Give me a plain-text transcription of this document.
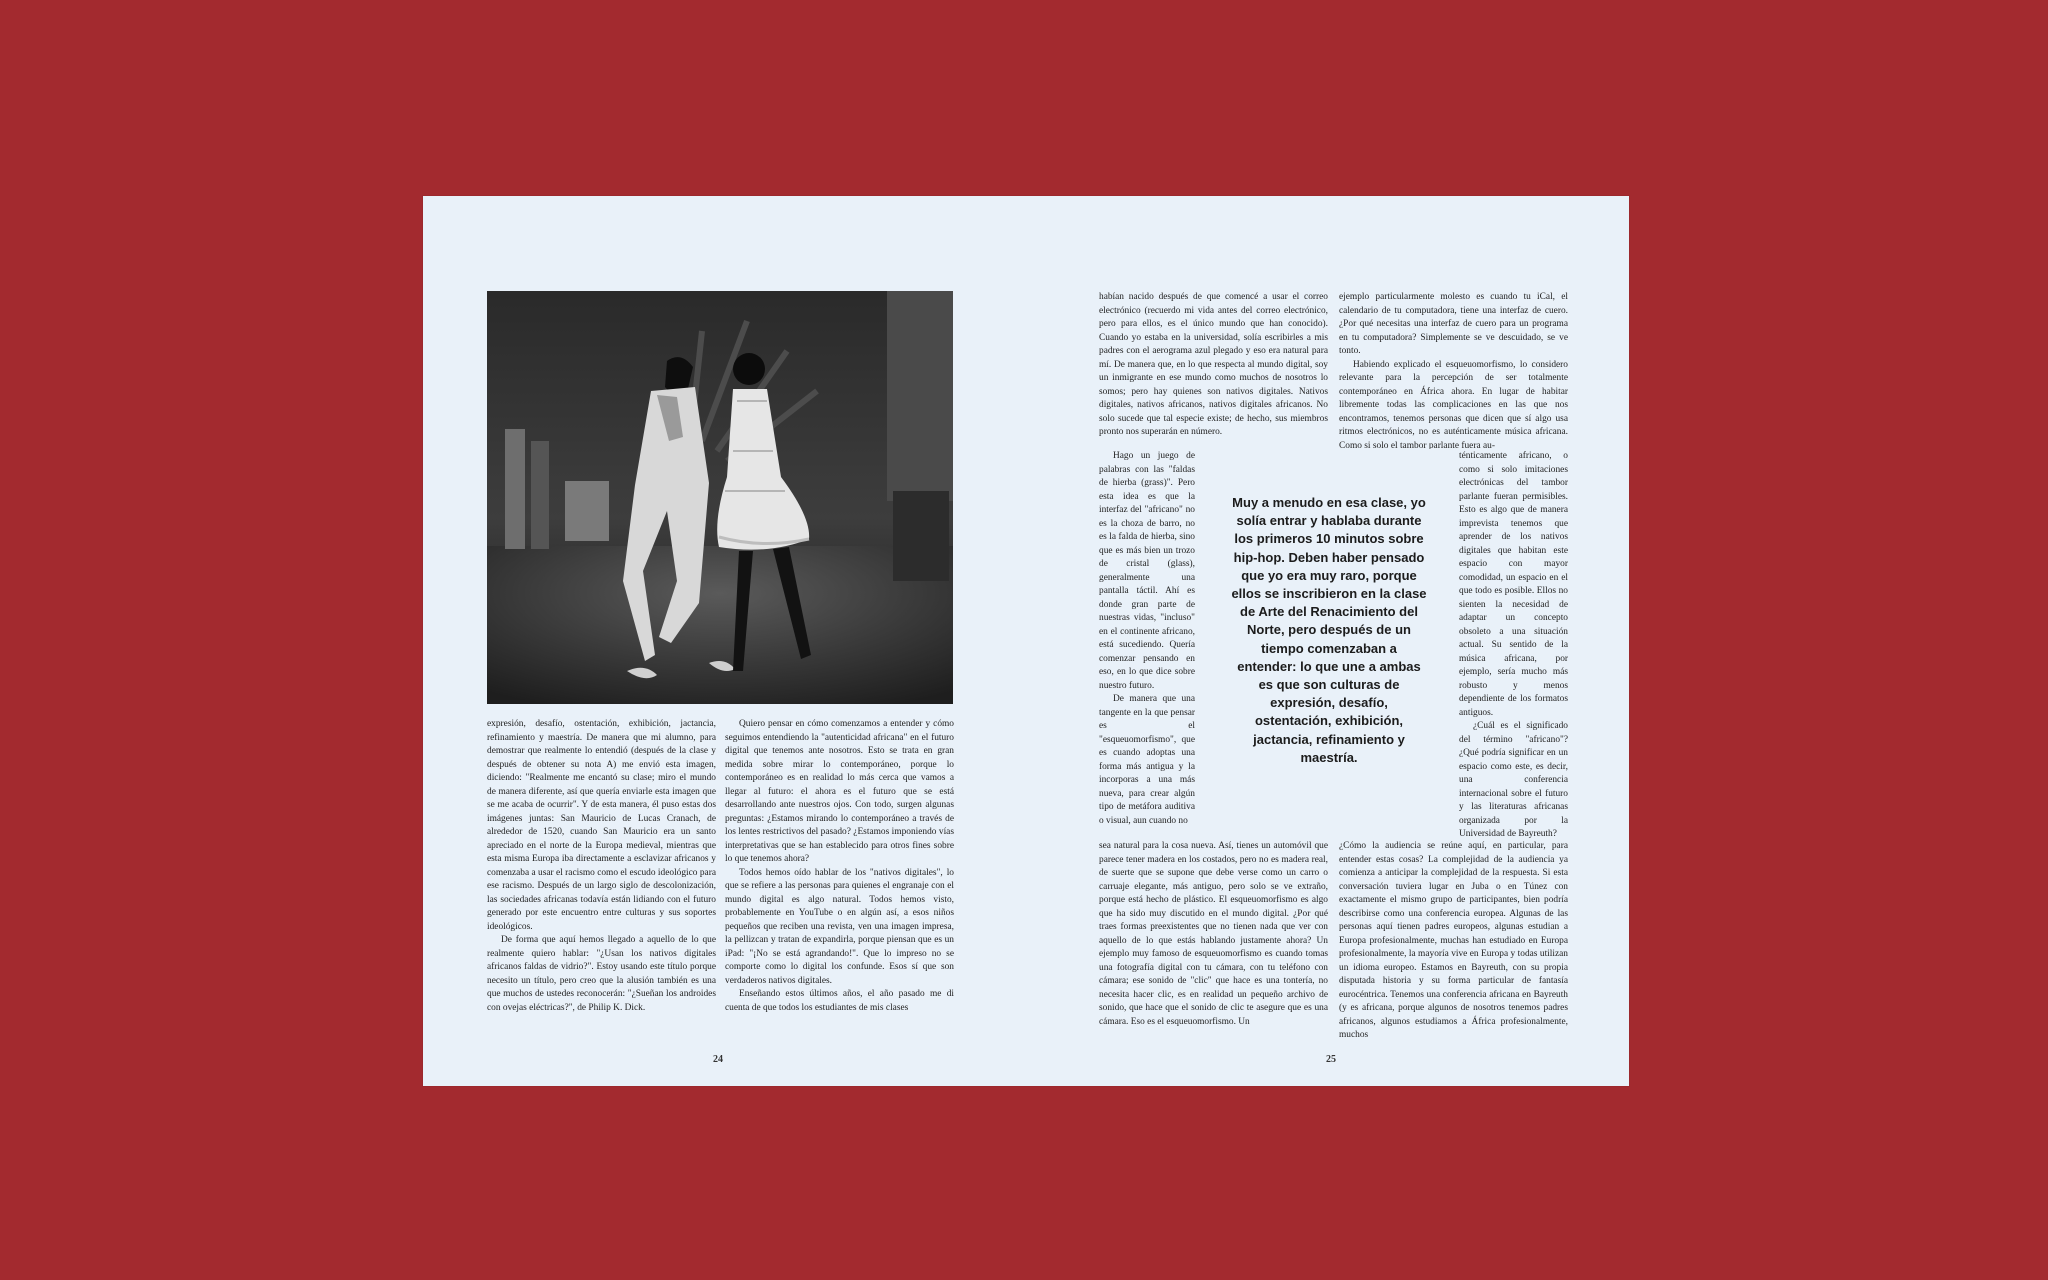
expresión, desafío, ostentación, exhibición, jactancia, refinamiento y maestría. De manera que mi alumno, para demostrar que realmente lo entendió (después de la clase y después de obtener su nota A) me envió esta imagen, diciendo: "Realmente me encantó su clase; miro el mundo de manera diferente, así que quería enviarle esta imagen que se me acaba de ocurrir". Y de esta manera, él puso estas dos imágenes juntas: San Mauricio de Lucas Cranach, de alrededor de 1520, cuando San Mauricio era un santo apreciado en el norte de la Europa medieval, mientras que esta misma Europa iba directamente a esclavizar africanos y comenzaba a usar el racismo como el escudo ideológico para ese racismo. Después de un largo siglo de descolonización, las sociedades africanas todavía están lidiando con el futuro generado por este encuentro entre culturas y sus soportes ideológicos.

De forma que aquí hemos llegado a aquello de lo que realmente quiero hablar: "¿Usan los nativos digitales africanos faldas de vidrio?". Estoy usando este título porque necesito un título, pero creo que la alusión también es una que muchos de ustedes reconocerán: "¿Sueñan los androides con ovejas eléctricas?", de Philip K. Dick.

Quiero pensar en cómo comenzamos a entender y cómo seguimos entendiendo la "autenticidad africana" en el futuro digital que tenemos ante nosotros. Esto se trata en gran medida sobre mirar lo contemporáneo, porque lo contemporáneo es en realidad lo más cerca que vamos a llegar al futuro: el ahora es el futuro que se está desarrollando ante nuestros ojos. Con todo, surgen algunas preguntas: ¿Estamos mirando lo contemporáneo a través de los lentes restrictivos del pasado? ¿Estamos imponiendo vías interpretativas que se han establecido para otros fines sobre lo que tenemos ahora?

Todos hemos oído hablar de los "nativos digitales", lo que se refiere a las personas para quienes el engranaje con el mundo digital es algo natural. Todos hemos visto, probablemente en YouTube o en algún así, a esos niños pequeños que reciben una revista, ven una imagen impresa, la pellizcan y tratan de expandirla, porque piensan que es un iPad: "¡No se está agrandando!". Que lo impreso no se comporte como lo digital los confunde. Esos sí que son verdaderos nativos digitales.

Enseñando estos últimos años, el año pasado me di cuenta de que todos los estudiantes de mis clases

24

habían nacido después de que comencé a usar el correo electrónico (recuerdo mi vida antes del correo electrónico, pero para ellos, es el único mundo que han conocido). Cuando yo estaba en la universidad, solía escribirles a mis padres con el aerograma azul plegado y eso era natural para mí. De manera que, en lo que respecta al mundo digital, soy un inmigrante en ese mundo como muchos de nosotros lo somos; pero hay quienes son nativos digitales. Nativos digitales, nativos africanos, nativos digitales africanos. No solo sucede que tal especie existe; de hecho, sus miembros pronto nos superarán en número.

Hago un juego de palabras con las "faldas de hierba (grass)". Pero esta idea es que la interfaz del "africano" no es la choza de barro, no es la falda de hierba, sino que es más bien un trozo de cristal (glass), generalmente una pantalla táctil. Ahí es donde gran parte de nuestras vidas, "incluso" en el continente africano, está sucediendo. Quería comenzar pensando en eso, en lo que dice sobre nuestro futuro.

De manera que una tangente en la que pensar es el "esqueuomorfismo", que es cuando adoptas una forma más antigua y la incorporas a una más nueva, para crear algún tipo de metáfora auditiva o visual, aun cuando no

sea natural para la cosa nueva. Así, tienes un automóvil que parece tener madera en los costados, pero no es madera real, de suerte que se supone que debe verse como un carro o carruaje elegante, más antiguo, pero solo se ve extraño, porque está hecho de plástico. El esqueuomorfismo es algo que ha sido muy discutido en el mundo digital. ¿Por qué traes formas preexistentes que no tienen nada que ver con aquello de lo que estás hablando justamente ahora? Un ejemplo muy famoso de esqueuomorfismo es cuando tomas una fotografía digital con tu cámara, con tu teléfono con cámara; ese sonido de "clic" que hace es una tontería, no necesita hacer clic, es en realidad un pequeño archivo de sonido, que hace que el sonido de clic te asegure que es una cámara. Eso es el esqueuomorfismo. Un

ejemplo particularmente molesto es cuando tu iCal, el calendario de tu computadora, tiene una interfaz de cuero. ¿Por qué necesitas una interfaz de cuero para un programa en tu computadora? Simplemente se ve descuidado, se ve tonto.

Habiendo explicado el esqueuomorfismo, lo considero relevante para la percepción de ser totalmente contemporáneo en África ahora. En lugar de habitar libremente todas las complicaciones en las que nos encontramos, tenemos personas que dicen que sí algo usa ritmos electrónicos, no es auténticamente música africana. Como si solo el tambor parlante fuera au-

ténticamente africano, o como si solo imitaciones electrónicas del tambor parlante fueran permisibles. Esto es algo que de manera imprevista tenemos que aprender de los nativos digitales que habitan este espacio con mayor comodidad, un espacio en el que todo es posible. Ellos no sienten la necesidad de adaptar un concepto obsoleto a una situación actual. Su sentido de la música africana, por ejemplo, sería mucho más robusto y menos dependiente de los formatos antiguos.

¿Cuál es el significado del término "africano"? ¿Qué podría significar en un espacio como este, es decir, una conferencia internacional sobre el futuro y las literaturas africanas organizada por la Universidad de Bayreuth?

¿Cómo la audiencia se reúne aquí, en particular, para entender estas cosas? La complejidad de la audiencia ya comienza a anticipar la complejidad de la respuesta. Si esta conversación tuviera lugar en Juba o en Túnez con exactamente el mismo grupo de participantes, bien podría describirse como una conferencia europea. Algunas de las personas aquí tienen padres europeos, algunas estudian a Europa profesionalmente, muchas han estudiado en Europa profesionalmente, la mayoría vive en Europa y todas utilizan un idioma europeo. Estamos en Bayreuth, con su propia disputada historia y su forma particular de fantasía eurocéntrica. Tenemos una conferencia africana en Bayreuth (y es africana, porque algunos de nosotros tenemos padres africanos, algunos estudiamos a África profesionalmente, muchos

Muy a menudo en esa clase, yo solía entrar y hablaba durante los primeros 10 minutos sobre hip-hop. Deben haber pensado que yo era muy raro, porque ellos se inscribieron en la clase de Arte del Renacimiento del Norte, pero después de un tiempo comenzaban a entender: lo que une a ambas es que son culturas de expresión, desafío, ostentación, exhibición, jactancia, refinamiento y maestría.

25
